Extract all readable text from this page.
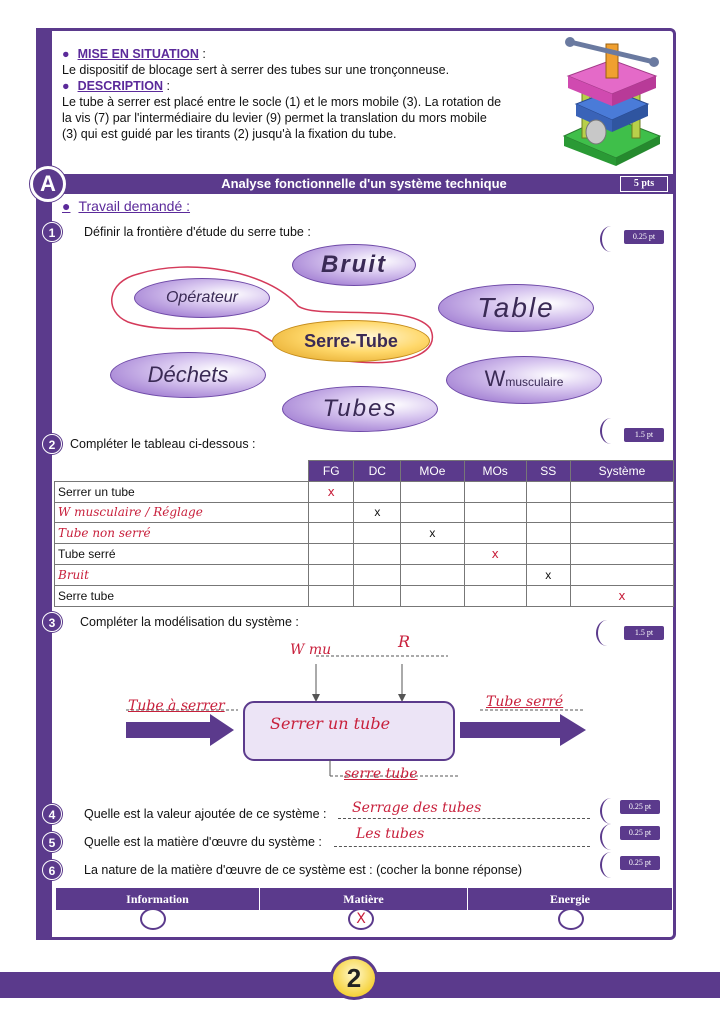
● MISE EN SITUATION :
Le dispositif de blocage sert à serrer des tubes sur une tronçonneuse.
● DESCRIPTION :
Le tube à serrer est placé entre le socle (1) et le mors mobile (3). La rotation de
la vis (7) par l'intermédiaire du levier (9) permet la translation du mors mobile
(3) qui est guidé par les tirants (2) jusqu'à la fixation du tube.
Analyse fonctionnelle d'un système technique	5 pts
A
● Travail demandé :
1	Définir la frontière d'étude du serre tube :	0.25 pt
Bruit
Opérateur	Table
Serre-Tube
Déchets	Wmusculaire
Tubes
2	Compléter le tableau ci-dessous :
1.5 pt
	FG	DC	MOe	MOs	SS	Système
Serrer un tube	x					
W musculaire / Réglage		x				
Tube non serré			x			
Tube serré				x		
Bruit					x	
Serre tube						x
3	Compléter la modélisation du système :
1.5 pt
W mu	R
Tube à serrer
Serrer un tube
Tube serré
serre tube
4	Quelle est la valeur ajoutée de ce système : Serrage des tubes	0.25 pt
5	Quelle est la matière d'œuvre du système : Les tubes	0.25 pt
6	La nature de la matière d'œuvre de ce système est : (cocher la bonne réponse)
0.25 pt
Information	Matière	Energie
X
2
